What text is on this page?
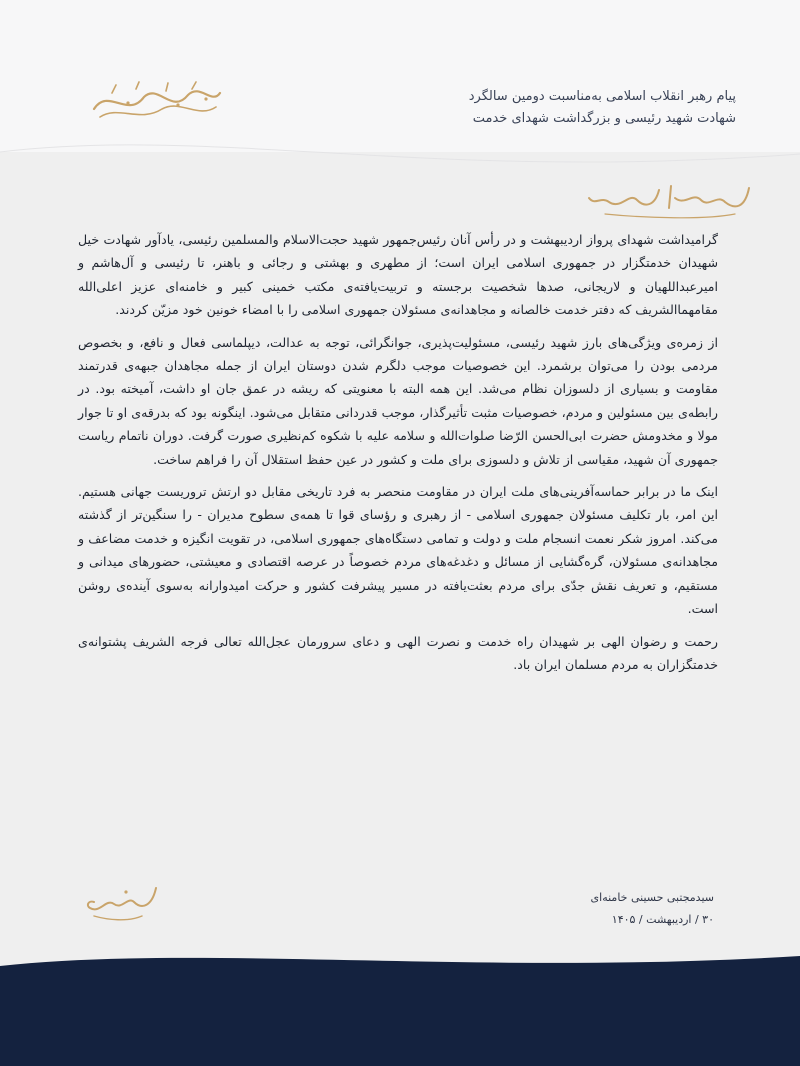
پیام رهبر انقلاب اسلامی به‌مناسبت دومین سالگرد
شهادت شهید رئیسی و بزرگداشت شهدای خدمت

گرامیداشت شهدای پرواز اردیبهشت و در رأس آنان رئیس‌جمهور شهید حجت‌الاسلام والمسلمین رئیسی، یادآور شهادت خیل شهیدان خدمتگزار در جمهوری اسلامی ایران است؛ از مطهری و بهشتی و رجائی و باهنر، تا رئیسی و آل‌هاشم و امیرعبداللهیان و لاریجانی، صدها شخصیت برجسته و تربیت‌یافته‌ی مکتب خمینی کبیر و خامنه‌ای عزیز اعلی‌الله مقامهما‌الشریف که دفتر خدمت خالصانه و مجاهدانه‌ی مسئولان جمهوری اسلامی را با امضاء خونین خود مزیّن کردند.

از زمره‌ی ویژگی‌های بارز شهید رئیسی، مسئولیت‌پذیری، جوانگرائی، توجه به عدالت، دیپلماسی فعال و نافع، و بخصوص مردمی بودن را می‌توان برشمرد. این خصوصیات موجب دلگرم شدن دوستان ایران از جمله مجاهدان جبهه‌ی قدرتمند مقاومت و بسیاری از دلسوزان نظام می‌شد. این همه البته با معنویتی که ریشه در عمق جان او داشت، آمیخته بود. در رابطه‌ی بین مسئولین و مردم، خصوصیات مثبت تأثیرگذار، موجب قدردانی متقابل می‌شود. اینگونه بود که بدرقه‌ی او تا جوار مولا و مخدومش حضرت ابی‌الحسن الرّضا صلوات‌الله و سلامه علیه با شکوه کم‌نظیری صورت گرفت. دوران ناتمام ریاست جمهوری آن شهید، مقیاسی از تلاش و دلسوزی برای ملت و کشور در عین حفظ استقلال آن را فراهم ساخت.

اینک ما در برابر حماسه‌آفرینی‌های ملت ایران در مقاومت منحصر به فرد تاریخی مقابل دو ارتش تروریست جهانی هستیم. این امر، بار تکلیف مسئولان جمهوری اسلامی - از رهبری و رؤسای قوا تا همه‌ی سطوح مدیران - را سنگین‌تر از گذشته می‌کند. امروز شکر نعمت انسجام ملت و دولت و تمامی دستگاه‌های جمهوری اسلامی، در تقویت انگیزه و خدمت مضاعف و مجاهدانه‌ی مسئولان، گره‌گشایی از مسائل و دغدغه‌های مردم خصوصاً در عرصه اقتصادی و معیشتی، حضورهای میدانی و مستقیم، و تعریف نقش جدّی برای مردم بعثت‌یافته در مسیر پیشرفت کشور و حرکت امیدوارانه به‌سوی آینده‌ی روشن است.

رحمت و رضوان الهی بر شهیدان راه خدمت و نصرت الهی و دعای سرورمان عجل‌الله تعالی فرجه الشریف پشتوانه‌ی خدمتگزاران به مردم مسلمان ایران باد.

سید‌مجتبی حسینی خامنه‌ای
۳۰ / اردیبهشت / ۱۴۰۵
